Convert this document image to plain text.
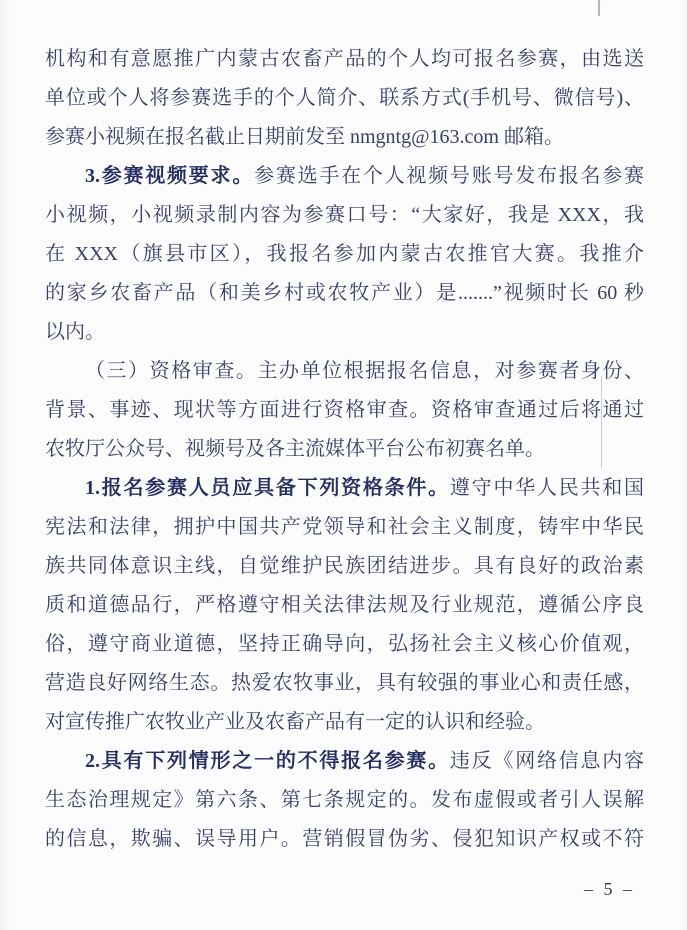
机构和有意愿推广内蒙古农畜产品的个人均可报名参赛，由选送
单位或个人将参赛选手的个人简介、联系方式(手机号、微信号)、
参赛小视频在报名截止日期前发至 nmgntg@163.com 邮箱。

3.参赛视频要求。参赛选手在个人视频号账号发布报名参赛
小视频，小视频录制内容为参赛口号：“大家好，我是 XXX，我
在 XXX（旗县市区），我报名参加内蒙古农推官大赛。我推介
的家乡农畜产品（和美乡村或农牧产业）是.......”视频时长 60 秒
以内。

（三）资格审查。主办单位根据报名信息，对参赛者身份、
背景、事迹、现状等方面进行资格审查。资格审查通过后将通过
农牧厅公众号、视频号及各主流媒体平台公布初赛名单。

1.报名参赛人员应具备下列资格条件。遵守中华人民共和国
宪法和法律，拥护中国共产党领导和社会主义制度，铸牢中华民
族共同体意识主线，自觉维护民族团结进步。具有良好的政治素
质和道德品行，严格遵守相关法律法规及行业规范，遵循公序良
俗，遵守商业道德，坚持正确导向，弘扬社会主义核心价值观，
营造良好网络生态。热爱农牧事业，具有较强的事业心和责任感，
对宣传推广农牧业产业及农畜产品有一定的认识和经验。

2.具有下列情形之一的不得报名参赛。违反《网络信息内容
生态治理规定》第六条、第七条规定的。发布虚假或者引人误解
的信息，欺骗、误导用户。营销假冒伪劣、侵犯知识产权或不符

– 5 –
